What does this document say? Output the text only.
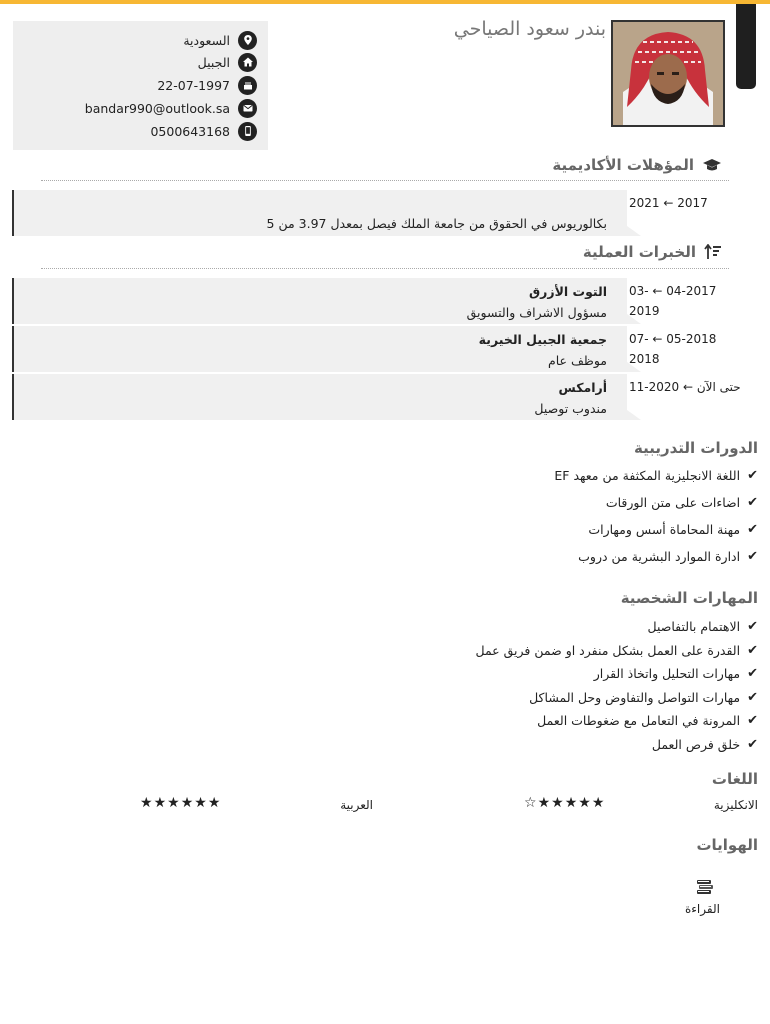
بندر سعود الصياحي
السعودية
الجبيل
22-07-1997
bandar990@outlook.sa
0500643168
المؤهلات الأكاديمية
بكالوريوس في الحقوق من جامعة الملك فيصل بمعدل 3.97 من 5
2021 ← 2017
الخبرات العملية
التوت الأزرق
مسؤول الاشراف والتسويق
03- ← 04-2017
2019
جمعية الجبيل الخيرية
موظف عام
07- ← 05-2018
2018
أرامكس
مندوب توصيل
11-2020 ← حتى الآن
الدورات التدريبية
✔
اللغة الانجليزية المكثفة من معهد EF
✔
اضاءات على متن الورقات
✔
مهنة المحاماة أسس ومهارات
✔
ادارة الموارد البشرية من دروب
المهارات الشخصية
✔
الاهتمام بالتفاصيل
✔
القدرة على العمل بشكل منفرد او ضمن فريق عمل
✔
مهارات التحليل واتخاذ القرار
✔
مهارات التواصل والتفاوض وحل المشاكل
✔
المرونة في التعامل مع ضغوطات العمل
✔
خلق فرص العمل
اللغات
الانكليزية
☆★★★★★
العربية
★★★★★★
الهوايات
القراءة
